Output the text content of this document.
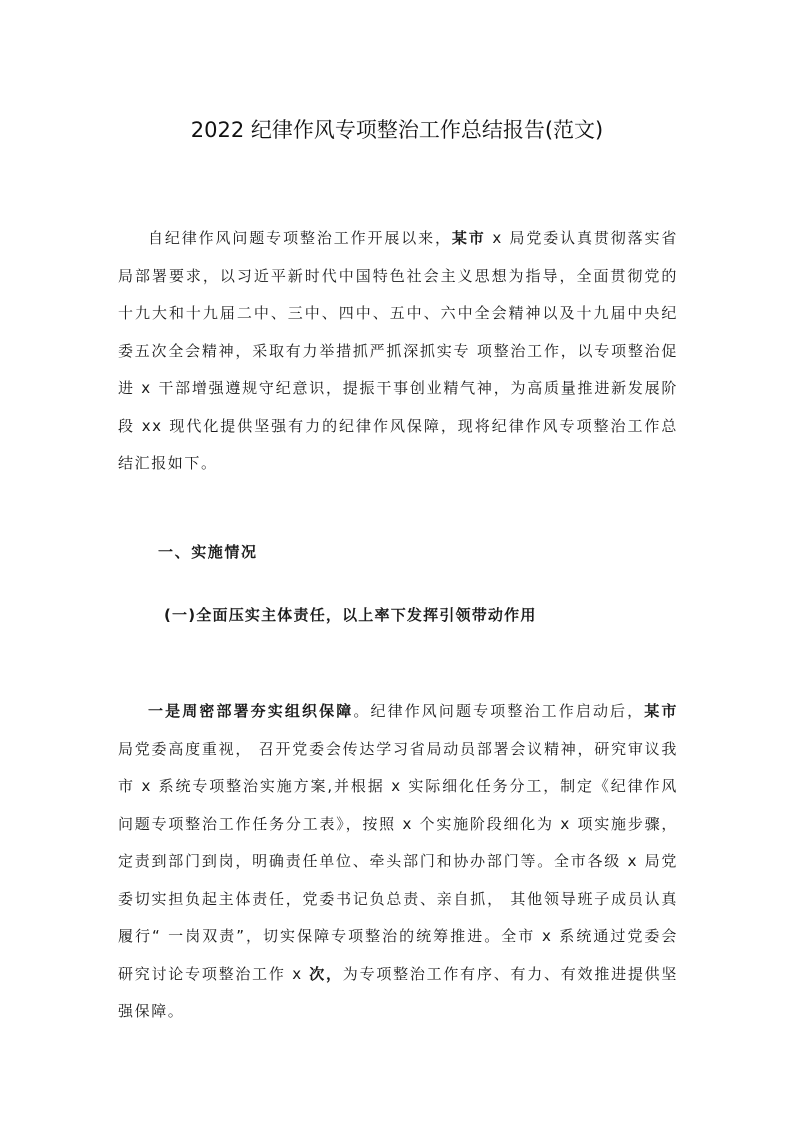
2022 纪律作风专项整治工作总结报告(范文)

自纪律作风问题专项整治工作开展以来，某市 x 局党委认真贯彻落实省局部署要求，以习近平新时代中国特色社会主义思想为指导，全面贯彻党的十九大和十九届二中、三中、四中、五中、六中全会精神以及十九届中央纪委五次全会精神，采取有力举措抓严抓深抓实专 项整治工作，以专项整治促进 x 干部增强遵规守纪意识，提振干事创业精气神，为高质量推进新发展阶段 xx 现代化提供坚强有力的纪律作风保障，现将纪律作风专项整治工作总结汇报如下。

一、实施情况

(一)全面压实主体责任，以上率下发挥引领带动作用

一是周密部署夯实组织保障。纪律作风问题专项整治工作启动后，某市局党委高度重视， 召开党委会传达学习省局动员部署会议精神，研究审议我市 x 系统专项整治实施方案,并根据 x 实际细化任务分工，制定《纪律作风问题专项整治工作任务分工表》，按照 x 个实施阶段细化为 x 项实施步骤，定责到部门到岗，明确责任单位、牵头部门和协办部门等。全市各级 x 局党委切实担负起主体责任，党委书记负总责、亲自抓， 其他领导班子成员认真履行“ 一岗双责”，切实保障专项整治的统筹推进。全市 x 系统通过党委会研究讨论专项整治工作 x 次，为专项整治工作有序、有力、有效推进提供坚强保障。
